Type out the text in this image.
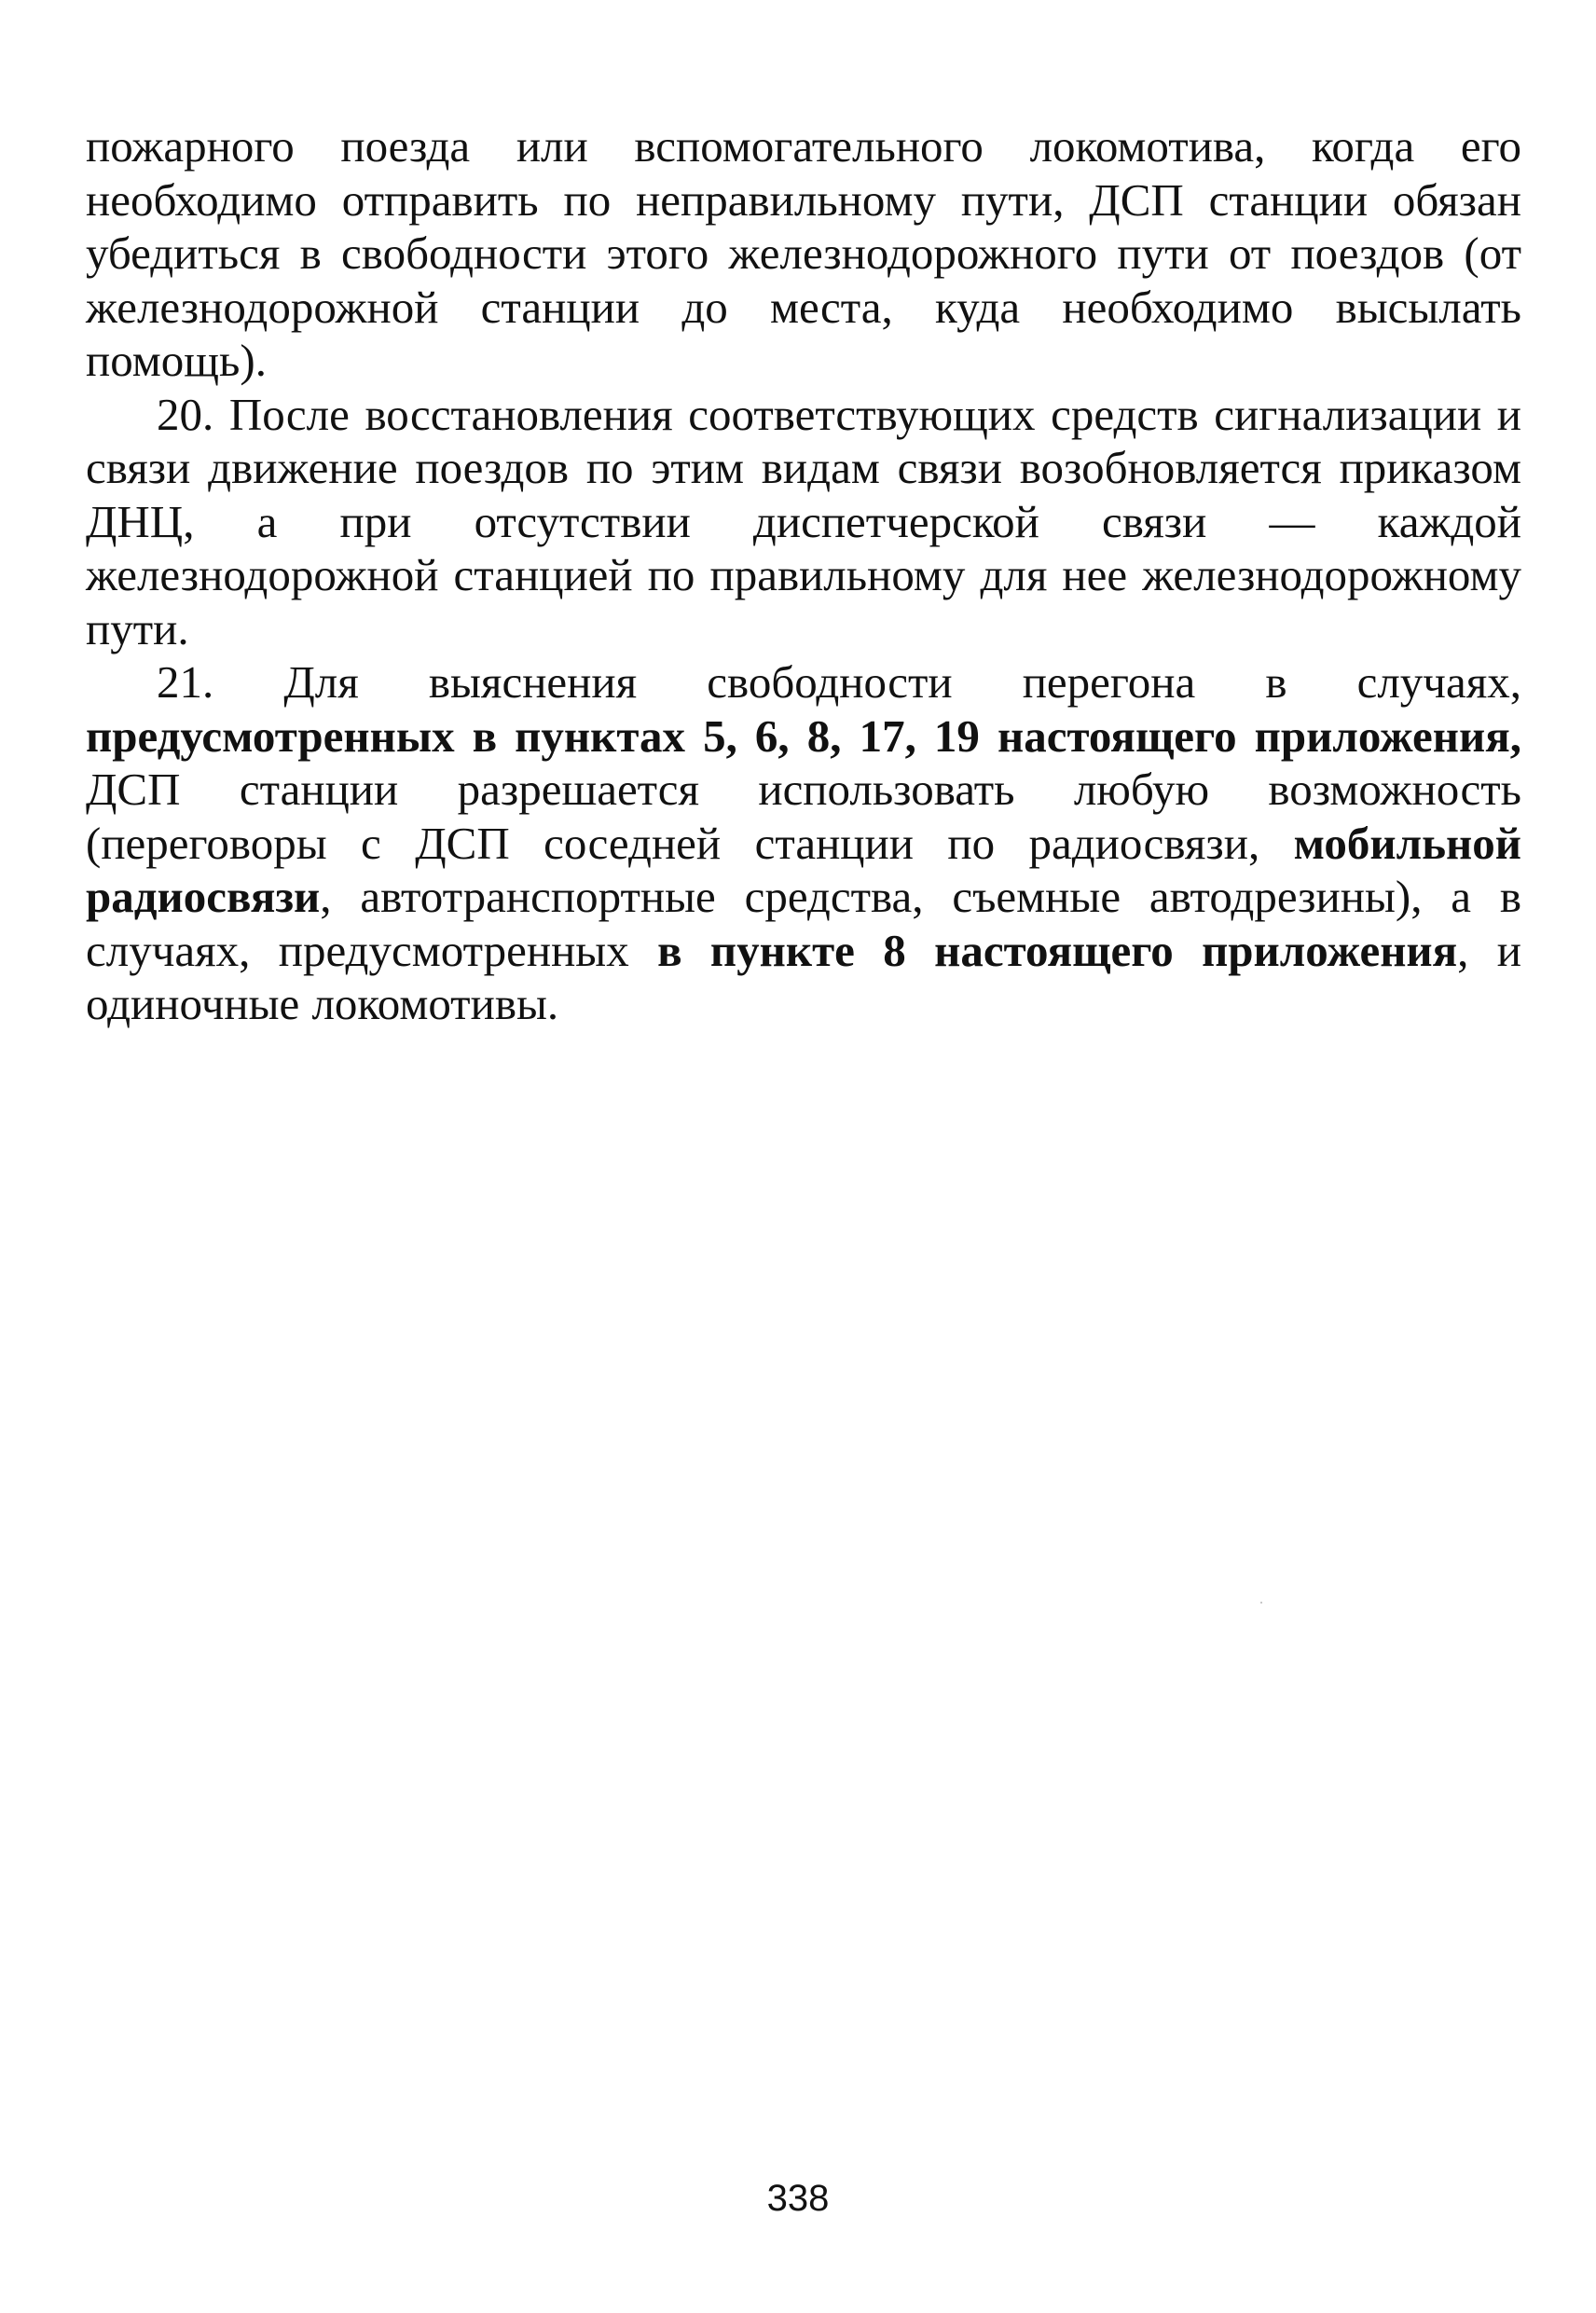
пожарного поезда или вспомогательного локомотива, когда его необходимо отправить по неправильному пути, ДСП станции обязан убедиться в свободности этого железнодорожного пути от поездов (от железнодорожной станции до места, куда необходимо высылать помощь).

20. После восстановления соответствующих средств сигнализации и связи движение поездов по этим видам связи возобновляется приказом ДНЦ, а при отсутствии диспетчерской связи — каждой железнодорожной станцией по правильному для нее железнодорожному пути.

21. Для выяснения свободности перегона в случаях, предусмотренных в пунктах 5, 6, 8, 17, 19 настоящего приложения, ДСП станции разрешается использовать любую возможность (переговоры с ДСП соседней станции по радиосвязи, мобильной радиосвязи, автотранспортные средства, съемные автодрезины), а в случаях, предусмотренных в пункте 8 настоящего приложения, и одиночные локомотивы.

338
